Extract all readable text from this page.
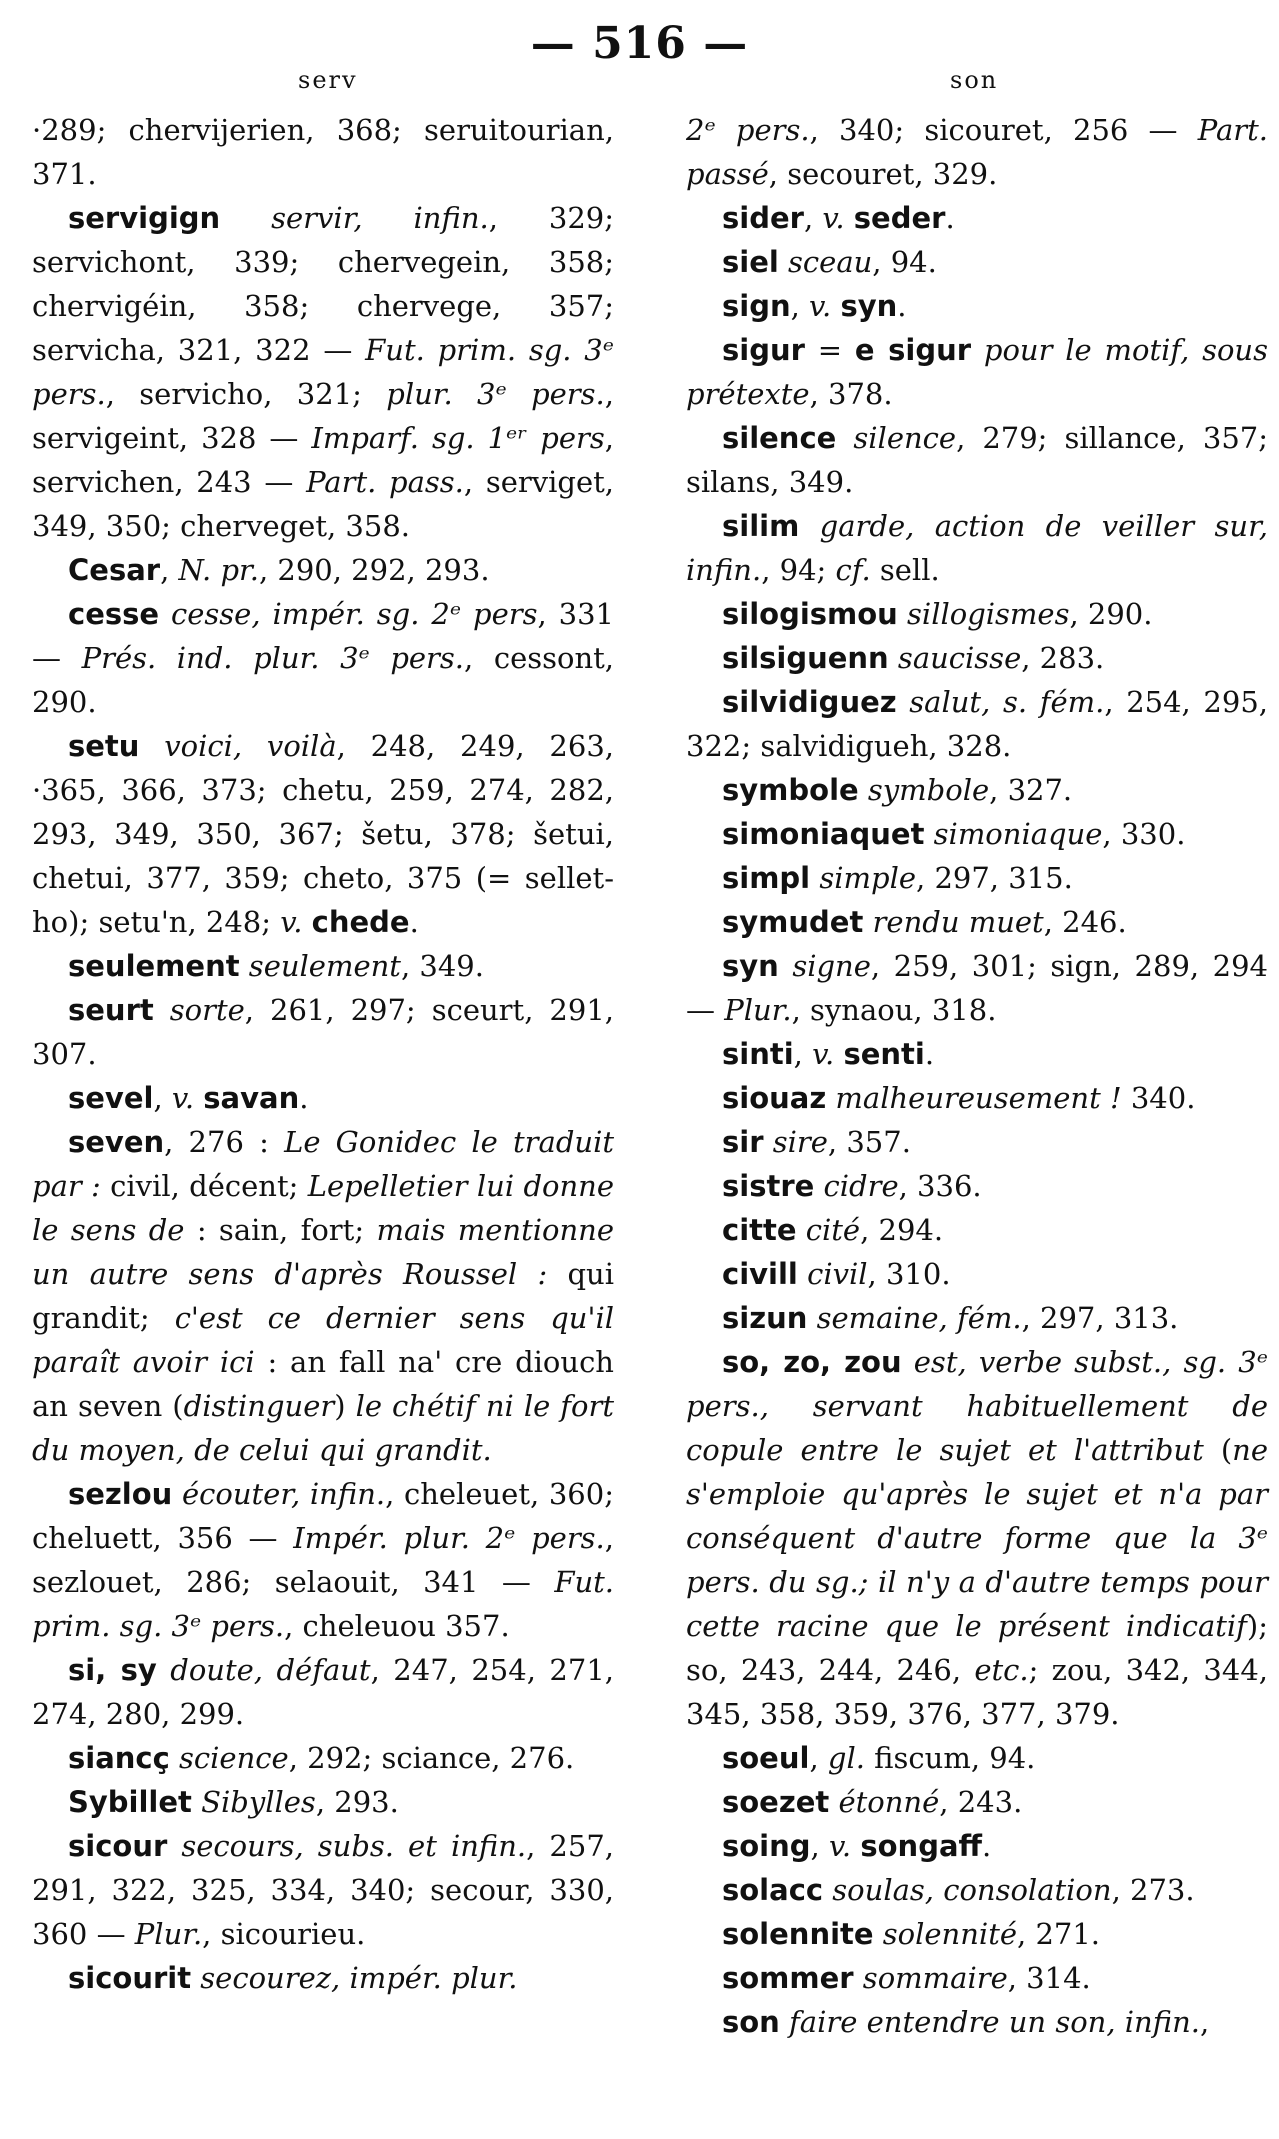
— 516 —
serv	son

·289; chervijerien, 368; seruitourian, 371.

servigign servir, infin., 329; servichont, 339; chervegein, 358; chervigéin, 358; chervege, 357; servicha, 321, 322 — Fut. prim. sg. 3ᵉ pers., servicho, 321; plur. 3ᵉ pers., servigeint, 328 — Imparf. sg. 1ᵉʳ pers, servichen, 243 — Part. pass., serviget, 349, 350; cherveget, 358.

Cesar, N. pr., 290, 292, 293.

cesse cesse, impér. sg. 2ᵉ pers, 331 — Prés. ind. plur. 3ᵉ pers., cessont, 290.

setu voici, voilà, 248, 249, 263, ·365, 366, 373; chetu, 259, 274, 282, 293, 349, 350, 367; šetu, 378; šetui, chetui, 377, 359; cheto, 375 (= sellet-ho); setu'n, 248; v. chede.

seulement seulement, 349.

seurt sorte, 261, 297; sceurt, 291, 307.

sevel, v. savan.

seven, 276 : Le Gonidec le traduit par : civil, décent; Lepelletier lui donne le sens de : sain, fort; mais mentionne un autre sens d'après Roussel : qui grandit; c'est ce dernier sens qu'il paraît avoir ici : an fall na' cre diouch an seven (distinguer) le chétif ni le fort du moyen, de celui qui grandit.

sezlou écouter, infin., cheleuet, 360; cheluett, 356 — Impér. plur. 2ᵉ pers., sezlouet, 286; selaouit, 341 — Fut. prim. sg. 3ᵉ pers., cheleuou 357.

si, sy doute, défaut, 247, 254, 271, 274, 280, 299.

siancç science, 292; sciance, 276.

Sybillet Sibylles, 293.

sicour secours, subs. et infin., 257, 291, 322, 325, 334, 340; secour, 330, 360 — Plur., sicourieu.

sicourit secourez, impér. plur.

2ᵉ pers., 340; sicouret, 256 — Part. passé, secouret, 329.

sider, v. seder.

siel sceau, 94.

sign, v. syn.

sigur = e sigur pour le motif, sous prétexte, 378.

silence silence, 279; sillance, 357; silans, 349.

silim garde, action de veiller sur, infin., 94; cf. sell.

silogismou sillogismes, 290.

silsiguenn saucisse, 283.

silvidiguez salut, s. fém., 254, 295, 322; salvidigueh, 328.

symbole symbole, 327.

simoniaquet simoniaque, 330.

simpl simple, 297, 315.

symudet rendu muet, 246.

syn signe, 259, 301; sign, 289, 294 — Plur., synaou, 318.

sinti, v. senti.

siouaz malheureusement ! 340.

sir sire, 357.

sistre cidre, 336.

citte cité, 294.

civill civil, 310.

sizun semaine, fém., 297, 313.

so, zo, zou est, verbe subst., sg. 3ᵉ pers., servant habituellement de copule entre le sujet et l'attribut (ne s'emploie qu'après le sujet et n'a par conséquent d'autre forme que la 3ᵉ pers. du sg.; il n'y a d'autre temps pour cette racine que le présent indicatif); so, 243, 244, 246, etc.; zou, 342, 344, 345, 358, 359, 376, 377, 379.

soeul, gl. fiscum, 94.

soezet étonné, 243.

soing, v. songaff.

solacc soulas, consolation, 273.

solennite solennité, 271.

sommer sommaire, 314.

son faire entendre un son, infin.,
